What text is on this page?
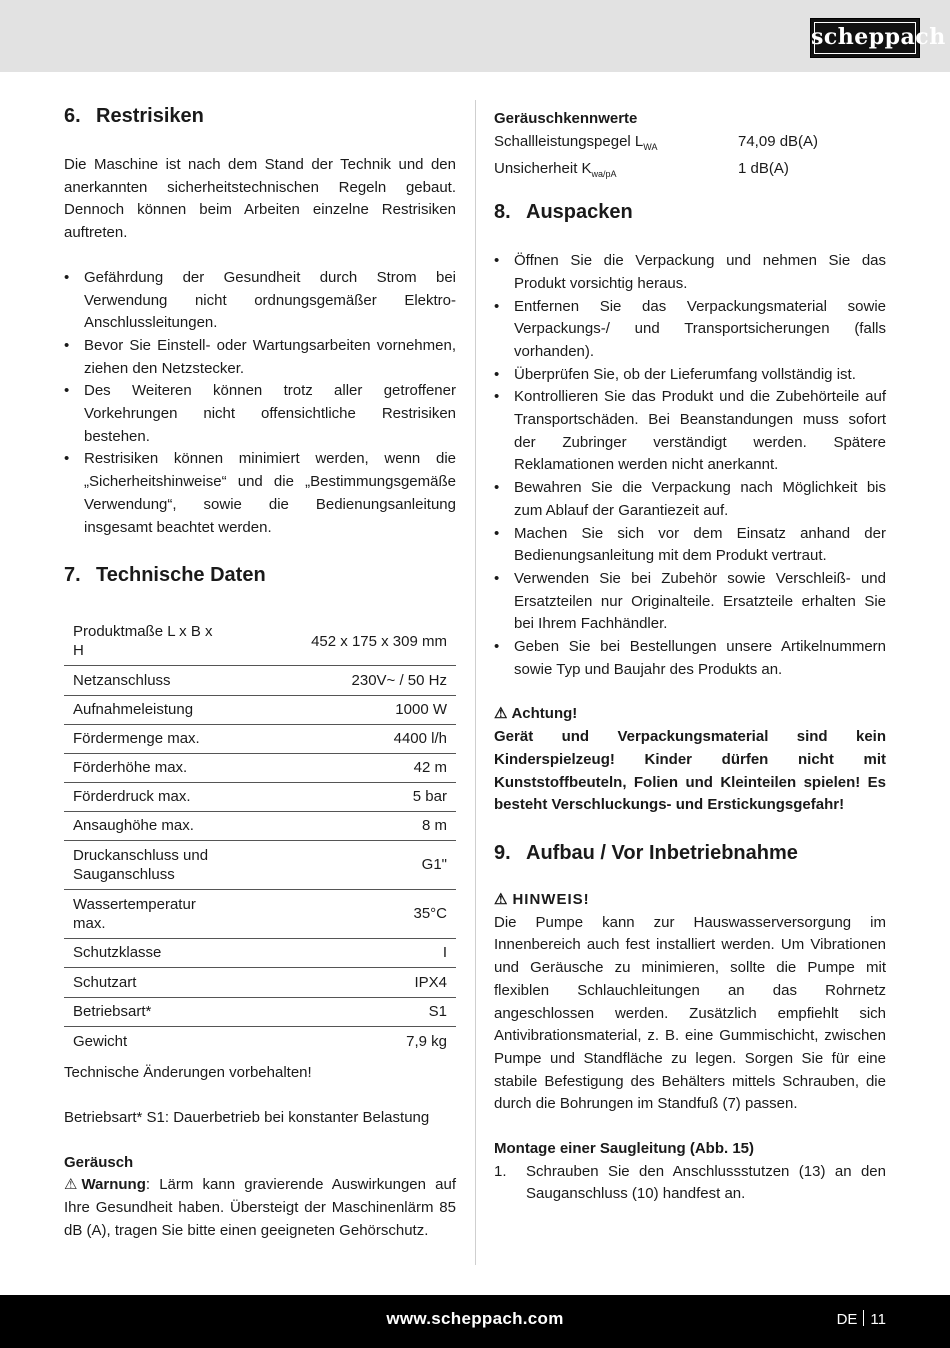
scheppach
6. Restrisiken

Die Maschine ist nach dem Stand der Technik und den anerkannten sicherheitstechnischen Regeln gebaut. Dennoch können beim Arbeiten einzelne Restrisiken auftreten.

• Gefährdung der Gesundheit durch Strom bei Verwendung nicht ordnungsgemäßer Elektro-Anschlussleitungen.
• Bevor Sie Einstell- oder Wartungsarbeiten vornehmen, ziehen den Netzstecker.
• Des Weiteren können trotz aller getroffener Vorkehrungen nicht offensichtliche Restrisiken bestehen.
• Restrisiken können minimiert werden, wenn die „Sicherheitshinweise“ und die „Bestimmungsgemäße Verwendung“, sowie die Bedienungsanleitung insgesamt beachtet werden.
7. Technische Daten
Produktmaße L x B x H	452 x 175 x 309 mm
Netzanschluss	230V~ / 50 Hz
Aufnahmeleistung	1000 W
Fördermenge max.	4400 l/h
Förderhöhe max.	42 m
Förderdruck max.	5 bar
Ansaughöhe max.	8 m
Druckanschluss und Sauganschluss	G1"
Wassertemperatur max.	35°C
Schutzklasse	I
Schutzart	IPX4
Betriebsart*	S1
Gewicht	7,9 kg

Technische Änderungen vorbehalten!

Betriebsart* S1: Dauerbetrieb bei konstanter Belastung

Geräusch

⚠ Warnung: Lärm kann gravierende Auswirkungen auf Ihre Gesundheit haben. Übersteigt der Maschinenlärm 85 dB (A), tragen Sie bitte einen geeigneten Gehörschutz.

Geräuschkennwerte

Schallleistungspegel $L_{WA}$	74,09 dB(A)
Unsicherheit $K_{wa/pA}$	1 dB(A)
8. Auspacken
• Öffnen Sie die Verpackung und nehmen Sie das Produkt vorsichtig heraus.
• Entfernen Sie das Verpackungsmaterial sowie Verpackungs-/ und Transportsicherungen (falls vorhanden).
• Überprüfen Sie, ob der Lieferumfang vollständig ist.
• Kontrollieren Sie das Produkt und die Zubehörteile auf Transportschäden. Bei Beanstandungen muss sofort der Zubringer verständigt werden. Spätere Reklamationen werden nicht anerkannt.
• Bewahren Sie die Verpackung nach Möglichkeit bis zum Ablauf der Garantiezeit auf.
• Machen Sie sich vor dem Einsatz anhand der Bedienungsanleitung mit dem Produkt vertraut.
• Verwenden Sie bei Zubehör sowie Verschleiß- und Ersatzteilen nur Originalteile. Ersatzteile erhalten Sie bei Ihrem Fachhändler.
• Geben Sie bei Bestellungen unsere Artikelnummern sowie Typ und Baujahr des Produkts an.

⚠ Achtung!

Gerät und Verpackungsmaterial sind kein Kinderspielzeug! Kinder dürfen nicht mit Kunststoffbeuteln, Folien und Kleinteilen spielen! Es besteht Verschluckungs- und Erstickungsgefahr!

9. Aufbau / Vor Inbetriebnahme

⚠ HINWEIS!

Die Pumpe kann zur Hauswasserversorgung im Innenbereich auch fest installiert werden. Um Vibrationen und Geräusche zu minimieren, sollte die Pumpe mit flexiblen Schlauchleitungen an das Rohrnetz angeschlossen werden. Zusätzlich empfiehlt sich Antivibrationsmaterial, z. B. eine Gummischicht, zwischen Pumpe und Standfläche zu legen. Sorgen Sie für eine stabile Befestigung des Behälters mittels Schrauben, die durch die Bohrungen im Standfuß (7) passen.

Montage einer Saugleitung (Abb. 15)

1. Schrauben Sie den Anschlussstutzen (13) an den Sauganschluss (10) handfest an.
www.scheppach.com	DE 11
